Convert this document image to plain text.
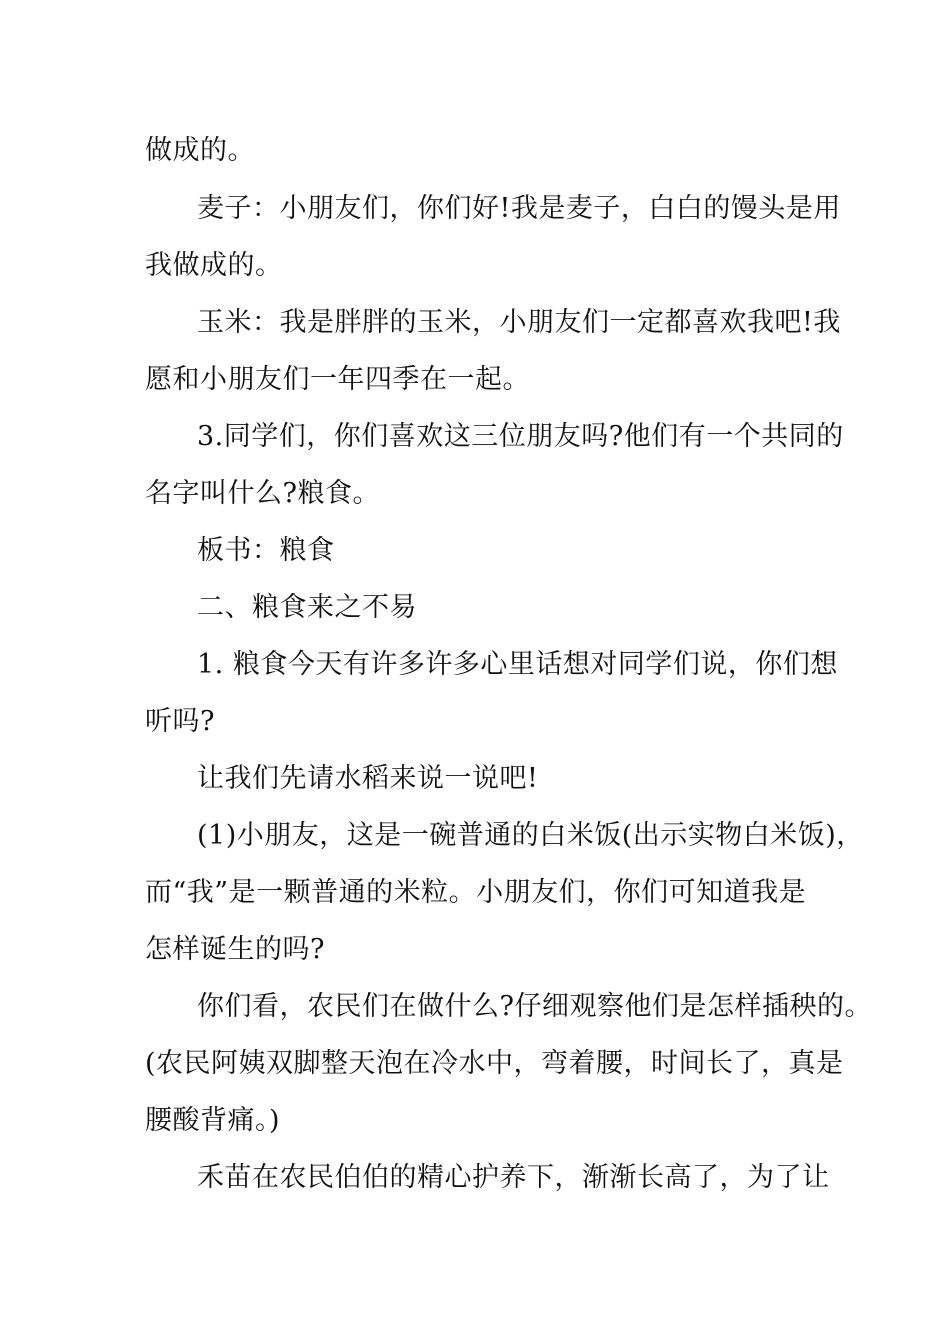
做成的。
麦子：小朋友们，你们好!我是麦子，白白的馒头是用
我做成的。
玉米：我是胖胖的玉米，小朋友们一定都喜欢我吧!我
愿和小朋友们一年四季在一起。
3.同学们，你们喜欢这三位朋友吗?他们有一个共同的
名字叫什么?粮食。
板书：粮食
二、粮食来之不易
1. 粮食今天有许多许多心里话想对同学们说，你们想
听吗?
让我们先请水稻来说一说吧!
(1)小朋友，这是一碗普通的白米饭(出示实物白米饭)，
而“我”是一颗普通的米粒。小朋友们，你们可知道我是
怎样诞生的吗?
你们看，农民们在做什么?仔细观察他们是怎样插秧的。
(农民阿姨双脚整天泡在冷水中，弯着腰，时间长了，真是
腰酸背痛。)
禾苗在农民伯伯的精心护养下，渐渐长高了，为了让
